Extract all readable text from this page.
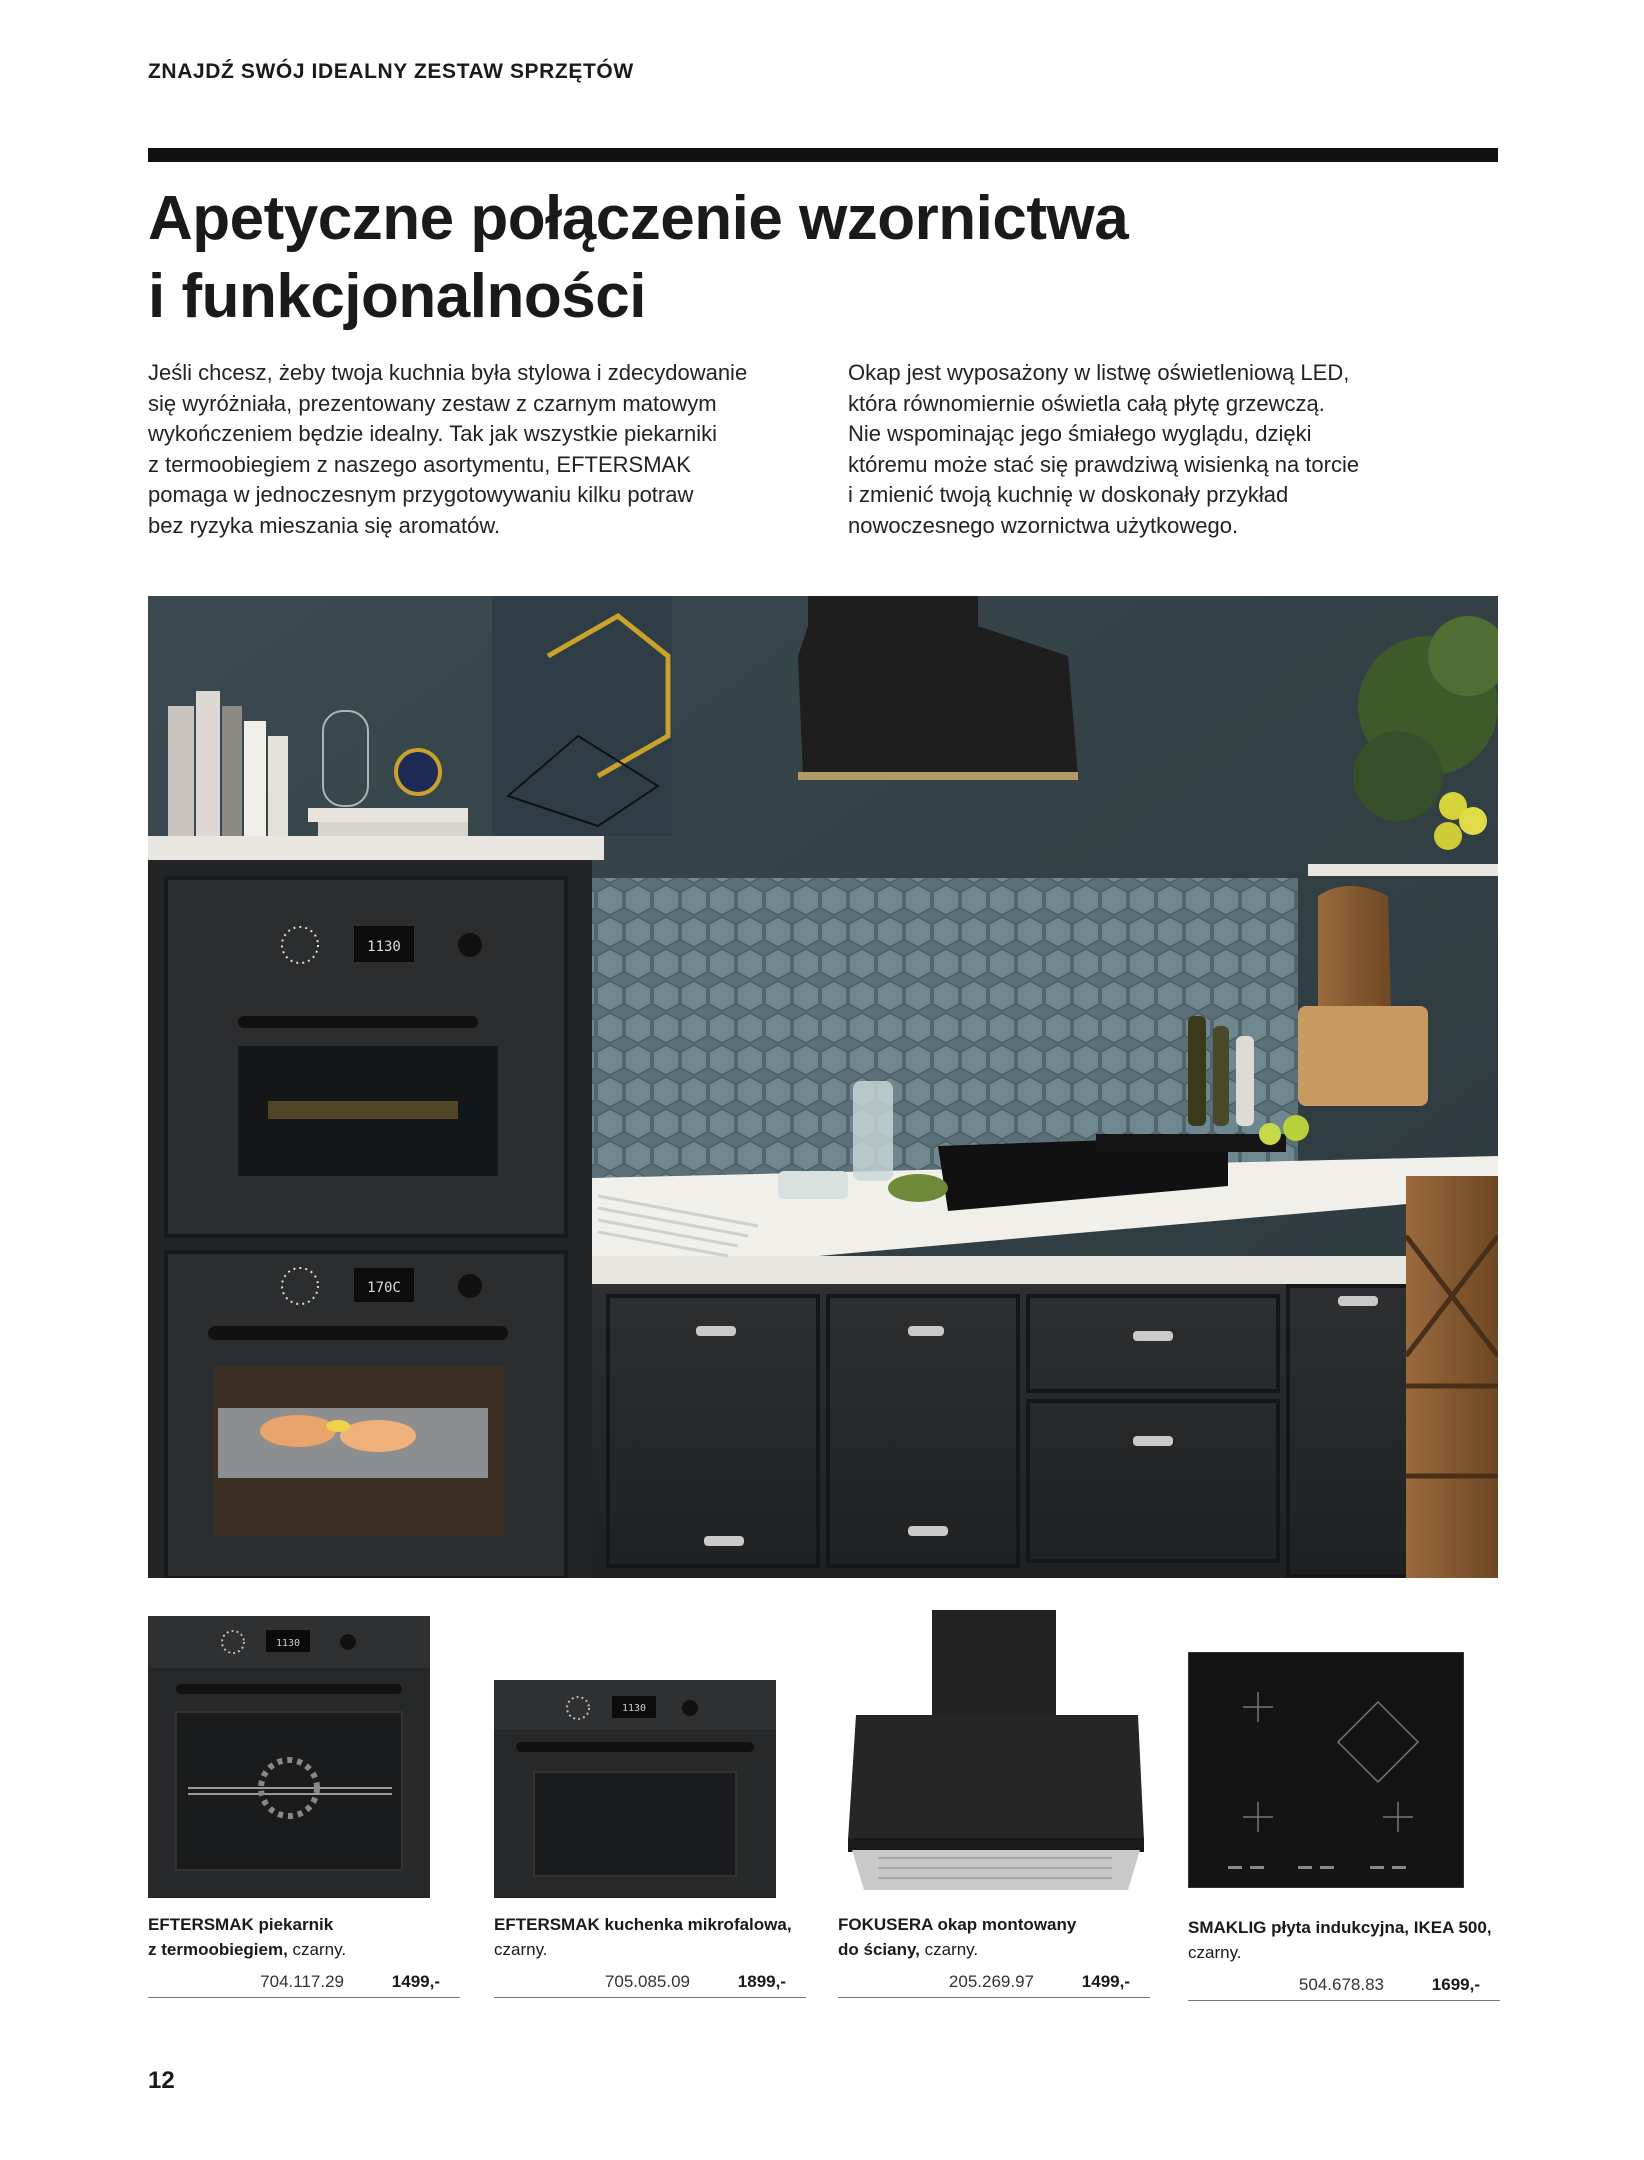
ZNAJDŹ SWÓJ IDEALNY ZESTAW SPRZĘTÓW
Apetyczne połączenie wzornictwa
i funkcjonalności
Jeśli chcesz, żeby twoja kuchnia była stylowa i zdecydowanie
się wyróżniała, prezentowany zestaw z czarnym matowym
wykończeniem będzie idealny. Tak jak wszystkie piekarniki
z termoobiegiem z naszego asortymentu, EFTERSMAK
pomaga w jednoczesnym przygotowywaniu kilku potraw
bez ryzyka mieszania się aromatów.
Okap jest wyposażony w listwę oświetleniową LED,
która równomiernie oświetla całą płytę grzewczą.
Nie wspominając jego śmiałego wyglądu, dzięki
któremu może stać się prawdziwą wisienką na torcie
i zmienić twoją kuchnię w doskonały przykład
nowoczesnego wzornictwa użytkowego.
1130
170C
1130
EFTERSMAK piekarnik
z termoobiegiem, czarny.
704.117.29	1499,-
1130
EFTERSMAK kuchenka mikrofalowa,
czarny.
705.085.09	1899,-
FOKUSERA okap montowany
do ściany, czarny.
205.269.97	1499,-
SMAKLIG płyta indukcyjna, IKEA 500,
czarny.
504.678.83	1699,-
12
